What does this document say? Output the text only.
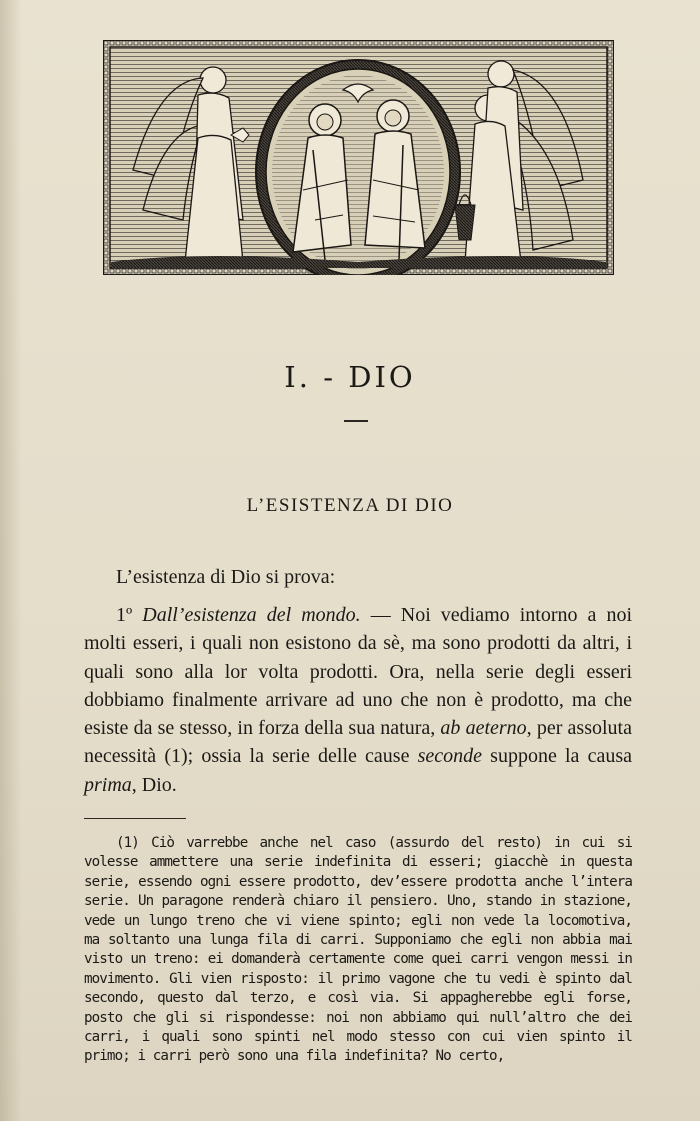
I. - DIO
L’ESISTENZA DI DIO
L’esistenza di Dio si prova:
1º Dall’esistenza del mondo. — Noi vediamo intorno a noi molti esseri, i quali non esistono da sè, ma sono prodotti da altri, i quali sono alla lor volta prodotti. Ora, nella serie degli esseri dobbiamo finalmente arrivare ad uno che non è prodotto, ma che esiste da se stesso, in forza della sua natura, ab aeterno, per assoluta necessità (1); ossia la serie delle cause seconde suppone la causa prima, Dio.
(1) Ciò varrebbe anche nel caso (assurdo del resto) in cui si volesse ammettere una serie indefinita di esseri; giacchè in questa serie, essendo ogni essere prodotto, dev’essere prodotta anche l’intera serie. Un paragone renderà chiaro il pensiero. Uno, stando in stazione, vede un lungo treno che vi viene spinto; egli non vede la locomotiva, ma soltanto una lunga fila di carri. Supponiamo che egli non abbia mai visto un treno: ei domanderà certamente come quei carri vengon messi in movimento. Gli vien risposto: il primo vagone che tu vedi è spinto dal secondo, questo dal terzo, e così via. Si appagherebbe egli forse, posto che gli si rispondesse: noi non abbiamo qui null’altro che dei carri, i quali sono spinti nel modo stesso con cui vien spinto il primo; i carri però sono una fila indefinita? No certo,
